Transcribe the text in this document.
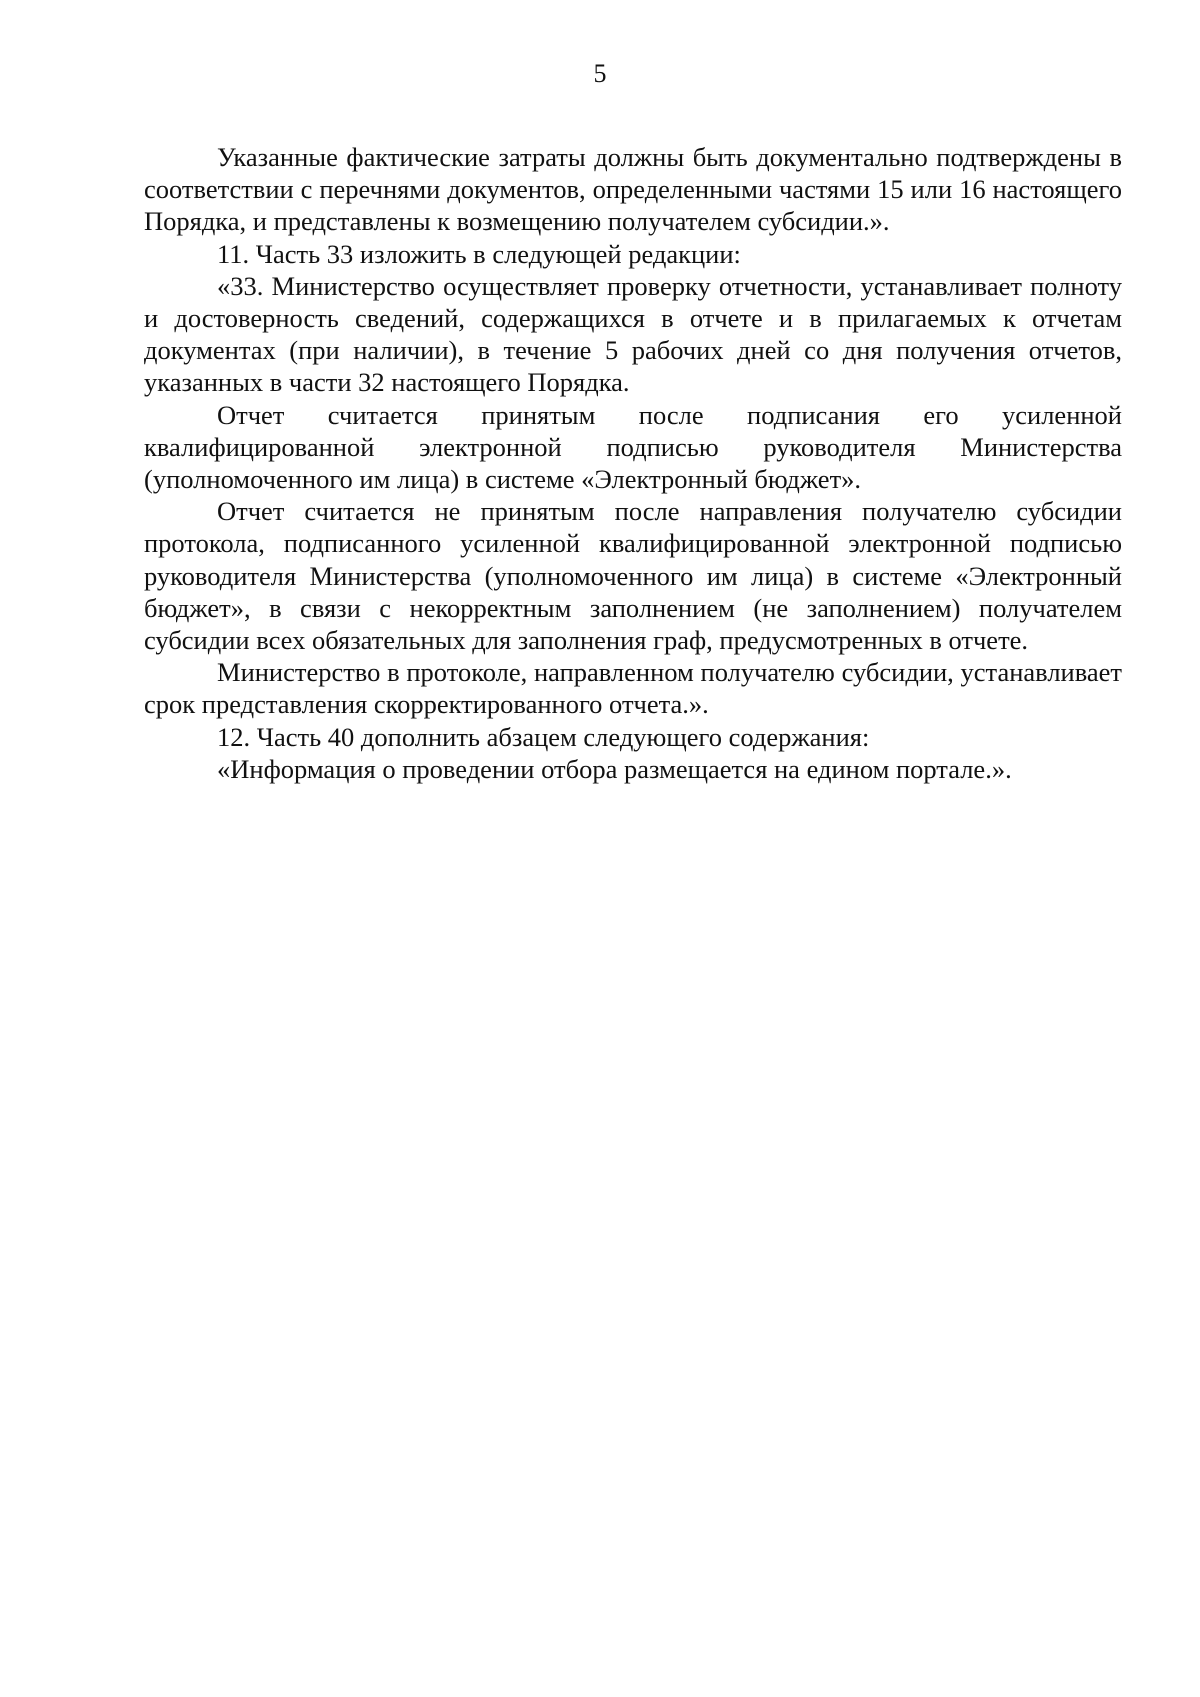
5

Указанные фактические затраты должны быть документально подтверждены в соответствии с перечнями документов, определенными частями 15 или 16 настоящего Порядка, и представлены к возмещению получателем субсидии.».

11. Часть 33 изложить в следующей редакции:

«33. Министерство осуществляет проверку отчетности, устанавливает полноту и достоверность сведений, содержащихся в отчете и в прилагаемых к отчетам документах (при наличии), в течение 5 рабочих дней со дня получения отчетов, указанных в части 32 настоящего Порядка.

Отчет считается принятым после подписания его усиленной квалифицированной электронной подписью руководителя Министерства (уполномоченного им лица) в системе «Электронный бюджет».

Отчет считается не принятым после направления получателю субсидии протокола, подписанного усиленной квалифицированной электронной подписью руководителя Министерства (уполномоченного им лица) в системе «Электронный бюджет», в связи с некорректным заполнением (не заполнением) получателем субсидии всех обязательных для заполнения граф, предусмотренных в отчете.

Министерство в протоколе, направленном получателю субсидии, устанавливает срок представления скорректированного отчета.».

12. Часть 40 дополнить абзацем следующего содержания:

«Информация о проведении отбора размещается на едином портале.».
